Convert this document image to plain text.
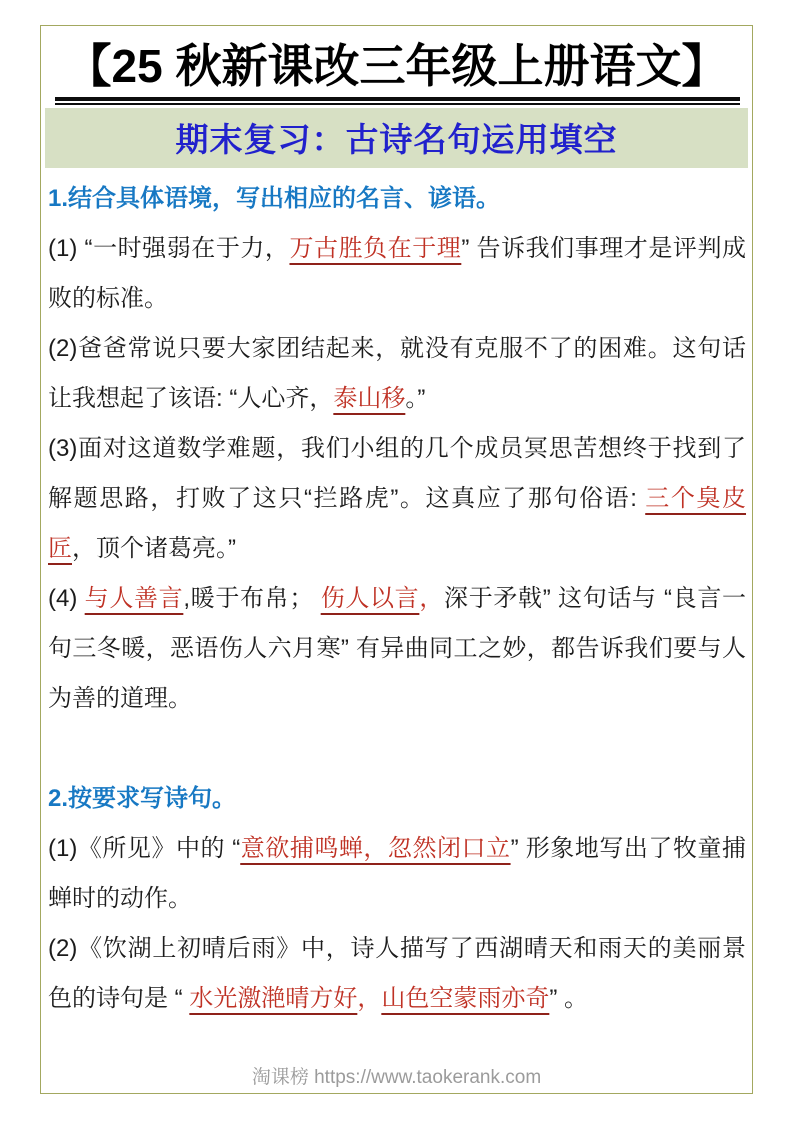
【25 秋新课改三年级上册语文】
期末复习：古诗名句运用填空
1.结合具体语境，写出相应的名言、谚语。

(1) “一时强弱在于力，万古胜负在于理” 告诉我们事理才是评判成败的标准。

(2)爸爸常说只要大家团结起来，就没有克服不了的困难。这句话让我想起了该语: “人心齐，泰山移。”

(3)面对这道数学难题，我们小组的几个成员冥思苦想终于找到了解题思路，打败了这只“拦路虎”。这真应了那句俗语: 三个臭皮匠，顶个诸葛亮。”

(4) 与人善言,暖于布帛； 伤人以言，深于矛戟” 这句话与 “良言一句三冬暖，恶语伤人六月寒” 有异曲同工之妙，都告诉我们要与人为善的道理。

2.按要求写诗句。

(1)《所见》中的 “意欲捕鸣蝉，忽然闭口立” 形象地写出了牧童捕蝉时的动作。

(2)《饮湖上初晴后雨》中，诗人描写了西湖晴天和雨天的美丽景色的诗句是 “ 水光激滟晴方好，山色空蒙雨亦奇” 。

淘课榜 https://www.taokerank.com
